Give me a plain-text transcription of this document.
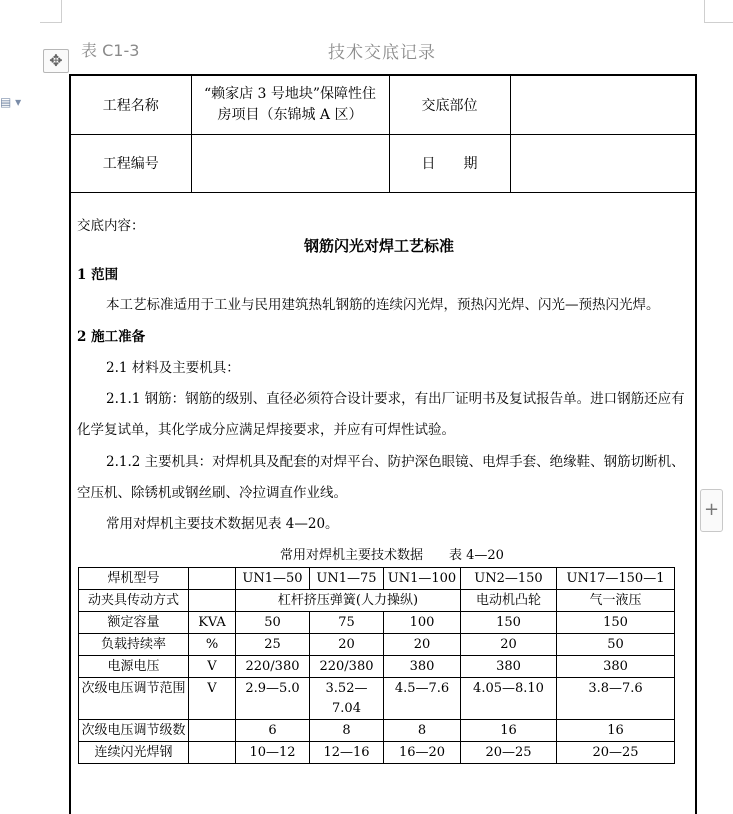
✥
▤ ▾
+
表 C1-3	技术交底记录
工程名称	“赖家店 3 号地块”保障性住房项目（东锦城 A 区）	交底部位	
工程编号		日　　期	

交底内容：

钢筋闪光对焊工艺标准

1 范围

本工艺标准适用于工业与民用建筑热轧钢筋的连续闪光焊，预热闪光焊、闪光—预热闪光焊。

2 施工准备

2.1 材料及主要机具：

2.1.1 钢筋：钢筋的级别、直径必须符合设计要求，有出厂证明书及复试报告单。进口钢筋还应有

化学复试单，其化学成分应满足焊接要求，并应有可焊性试验。

2.1.2 主要机具：对焊机具及配套的对焊平台、防护深色眼镜、电焊手套、绝缘鞋、钢筋切断机、

空压机、除锈机或钢丝刷、冷拉调直作业线。

常用对焊机主要技术数据见表 4—20。

常用对焊机主要技术数据　　表 4—20

焊机型号		UN1—50	UN1—75	UN1—100	UN2—150	UN17—150—1
动夹具传动方式		杠杆挤压弹簧(人力操纵)			电动机凸轮	气一液压
额定容量	KVA	50	75	100	150	150
负载持续率	%	25	20	20	20	50
电源电压	V	220/380	220/380	380	380	380
次级电压调节范围	V	2.9—5.0	3.52—7.04	4.5—7.6	4.05—8.10	3.8—7.6
次级电压调节级数		6	8	8	16	16
连续闪光焊钢		10—12	12—16	16—20	20—25	20—25
